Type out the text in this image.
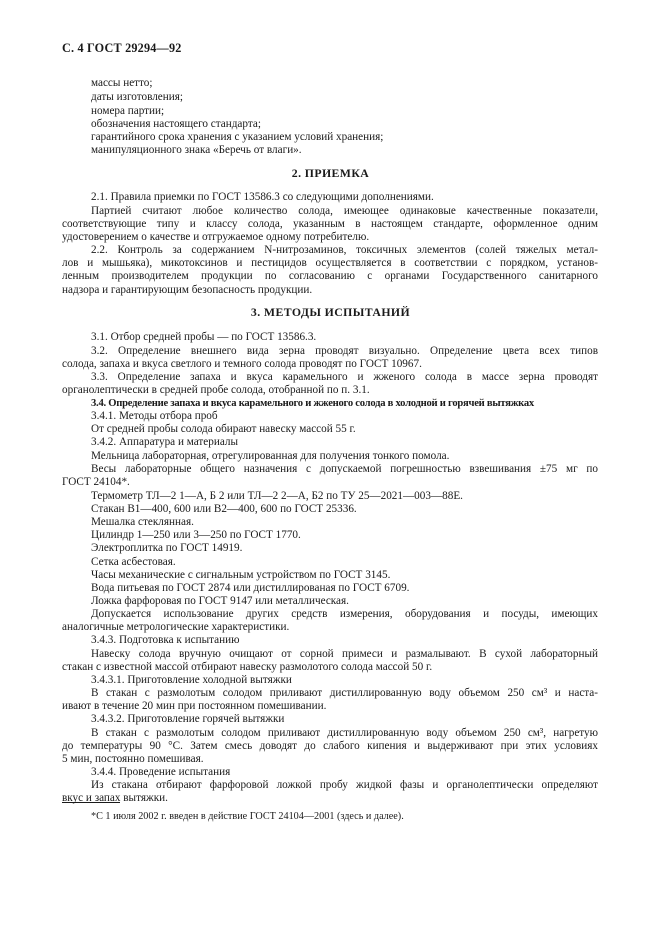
С. 4 ГОСТ 29294—92
массы нетто;
даты изготовления;
номера партии;
обозначения настоящего стандарта;
гарантийного срока хранения с указанием условий хранения;
манипуляционного знака «Беречь от влаги».
2. ПРИЕМКА
2.1. Правила приемки по ГОСТ 13586.3 со следующими дополнениями.
Партией считают любое количество солода, имеющее одинаковые качественные показатели,
соответствующие типу и классу солода, указанным в настоящем стандарте, оформленное одним
удостоверением о качестве и отгружаемое одному потребителю.
2.2. Контроль за содержанием N-нитрозаминов, токсичных элементов (солей тяжелых метал-
лов и мышьяка), микотоксинов и пестицидов осуществляется в соответствии с порядком, установ-
ленным производителем продукции по согласованию с органами Государственного санитарного
надзора и гарантирующим безопасность продукции.
3. МЕТОДЫ ИСПЫТАНИЙ
3.1. Отбор средней пробы — по ГОСТ 13586.3.
3.2. Определение внешнего вида зерна проводят визуально. Определение цвета всех типов
солода, запаха и вкуса светлого и темного солода проводят по ГОСТ 10967.
3.3. Определение запаха и вкуса карамельного и жженого солода в массе зерна проводят
органолептически в средней пробе солода, отобранной по п. 3.1.
3.4. Определение запаха и вкуса карамельного и жженого солода в холодной и горячей вытяжках
3.4.1. Методы отбора проб
От средней пробы солода обирают навеску массой 55 г.
3.4.2. Аппаратура и материалы
Мельница лабораторная, отрегулированная для получения тонкого помола.
Весы лабораторные общего назначения с допускаемой погрешностью взвешивания ±75 мг по
ГОСТ 24104*.
Термометр ТЛ—2 1—А, Б 2 или ТЛ—2 2—А, Б2 по ТУ 25—2021—003—88Е.
Стакан В1—400, 600 или В2—400, 600 по ГОСТ 25336.
Мешалка стеклянная.
Цилиндр 1—250 или 3—250 по ГОСТ 1770.
Электроплитка по ГОСТ 14919.
Сетка асбестовая.
Часы механические с сигнальным устройством по ГОСТ 3145.
Вода питьевая по ГОСТ 2874 или дистиллированая по ГОСТ 6709.
Ложка фарфоровая по ГОСТ 9147 или металлическая.
Допускается использование других средств измерения, оборудования и посуды, имеющих
аналогичные метрологические характеристики.
3.4.3. Подготовка к испытанию
Навеску солода вручную очищают от сорной примеси и размалывают. В сухой лабораторный
стакан с известной массой отбирают навеску размолотого солода массой 50 г.
3.4.3.1. Приготовление холодной вытяжки
В стакан с размолотым солодом приливают дистиллированную воду объемом 250 см³ и наста-
ивают в течение 20 мин при постоянном помешивании.
3.4.3.2. Приготовление горячей вытяжки
В стакан с размолотым солодом приливают дистиллированную воду объемом 250 см³, нагретую
до температуры 90 °С. Затем смесь доводят до слабого кипения и выдерживают при этих условиях
5 мин, постоянно помешивая.
3.4.4. Проведение испытания
Из стакана отбирают фарфоровой ложкой пробу жидкой фазы и органолептически определяют
вкус и запах вытяжки.
*С 1 июля 2002 г. введен в действие ГОСТ 24104—2001 (здесь и далее).
